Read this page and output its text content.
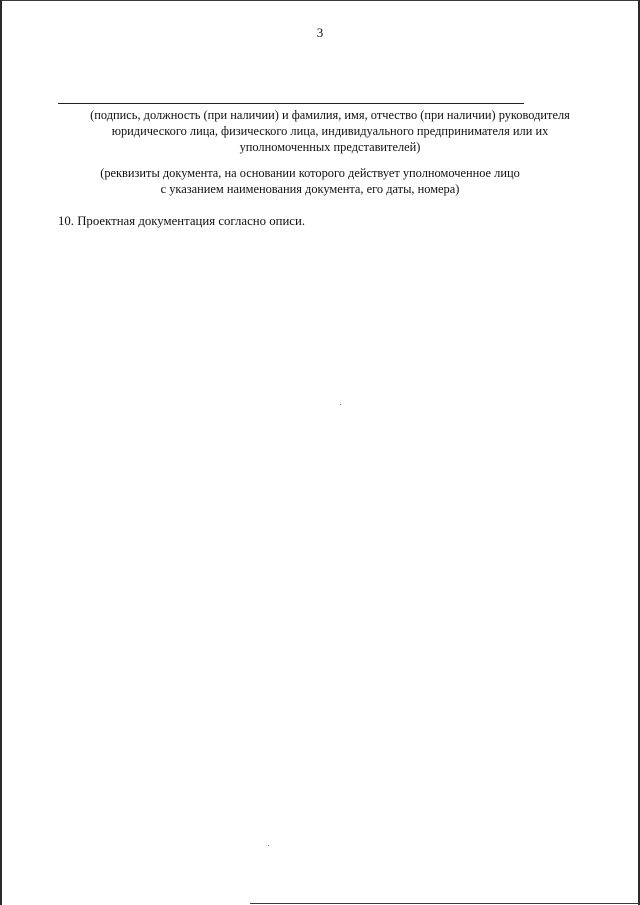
3
(подпись, должность (при наличии) и фамилия, имя, отчество (при наличии) руководителя
юридического лица, физического лица, индивидуального предпринимателя или их
уполномоченных представителей)
(реквизиты документа, на основании которого действует уполномоченное лицо
с указанием наименования документа, его даты, номера)
10. Проектная документация согласно описи.
